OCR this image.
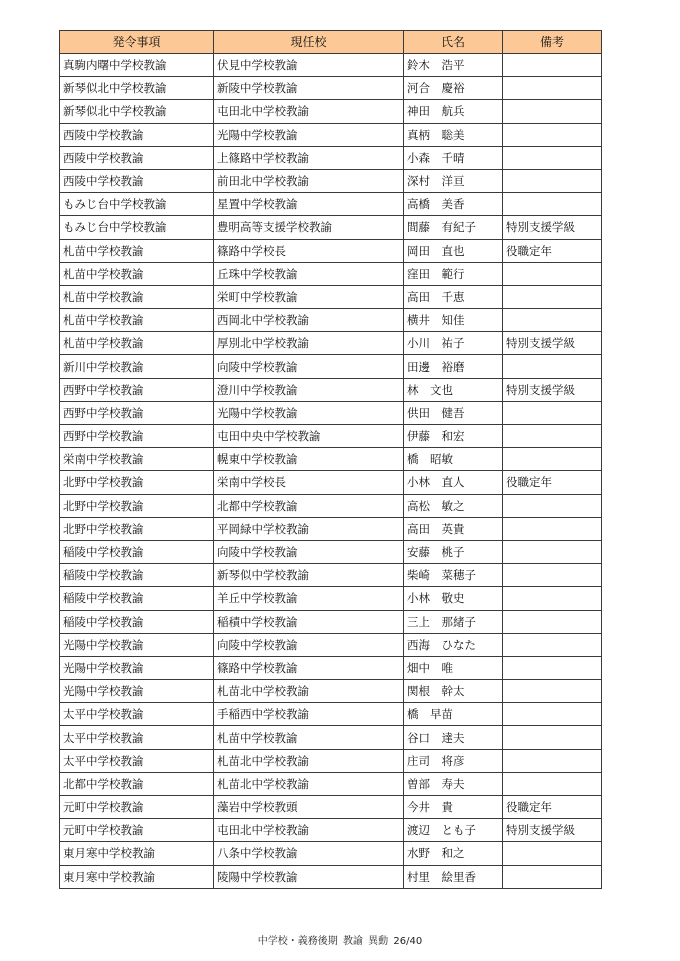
発令事項	現任校	氏名	備考
真駒内曙中学校教諭	伏見中学校教諭	鈴木　浩平	
新琴似北中学校教諭	新陵中学校教諭	河合　慶裕	
新琴似北中学校教諭	屯田北中学校教諭	神田　航兵	
西陵中学校教諭	光陽中学校教諭	真柄　聡美	
西陵中学校教諭	上篠路中学校教諭	小森　千晴	
西陵中学校教諭	前田北中学校教諭	深村　洋亘	
もみじ台中学校教諭	星置中学校教諭	高橋　美香	
もみじ台中学校教諭	豊明高等支援学校教諭	間藤　有紀子	特別支援学級
札苗中学校教諭	篠路中学校長	岡田　直也	役職定年
札苗中学校教諭	丘珠中学校教諭	窪田　範行	
札苗中学校教諭	栄町中学校教諭	高田　千恵	
札苗中学校教諭	西岡北中学校教諭	横井　知佳	
札苗中学校教諭	厚別北中学校教諭	小川　祐子	特別支援学級
新川中学校教諭	向陵中学校教諭	田邊　裕磨	
西野中学校教諭	澄川中学校教諭	林　文也	特別支援学級
西野中学校教諭	光陽中学校教諭	供田　健吾	
西野中学校教諭	屯田中央中学校教諭	伊藤　和宏	
栄南中学校教諭	幌東中学校教諭	橋　昭敏	
北野中学校教諭	栄南中学校長	小林　直人	役職定年
北野中学校教諭	北都中学校教諭	高松　敏之	
北野中学校教諭	平岡緑中学校教諭	高田　英貴	
稲陵中学校教諭	向陵中学校教諭	安藤　桃子	
稲陵中学校教諭	新琴似中学校教諭	柴崎　菜穂子	
稲陵中学校教諭	羊丘中学校教諭	小林　敬史	
稲陵中学校教諭	稲積中学校教諭	三上　那緒子	
光陽中学校教諭	向陵中学校教諭	西海　ひなた	
光陽中学校教諭	篠路中学校教諭	畑中　唯	
光陽中学校教諭	札苗北中学校教諭	関根　幹太	
太平中学校教諭	手稲西中学校教諭	橋　早苗	
太平中学校教諭	札苗中学校教諭	谷口　達夫	
太平中学校教諭	札苗北中学校教諭	庄司　将彦	
北都中学校教諭	札苗北中学校教諭	曽部　寿夫	
元町中学校教諭	藻岩中学校教頭	今井　貴	役職定年
元町中学校教諭	屯田北中学校教諭	渡辺　とも子	特別支援学級
東月寒中学校教諭	八条中学校教諭	水野　和之	
東月寒中学校教諭	陵陽中学校教諭	村里　絵里香	
中学校・義務後期 教諭 異動 26/40
